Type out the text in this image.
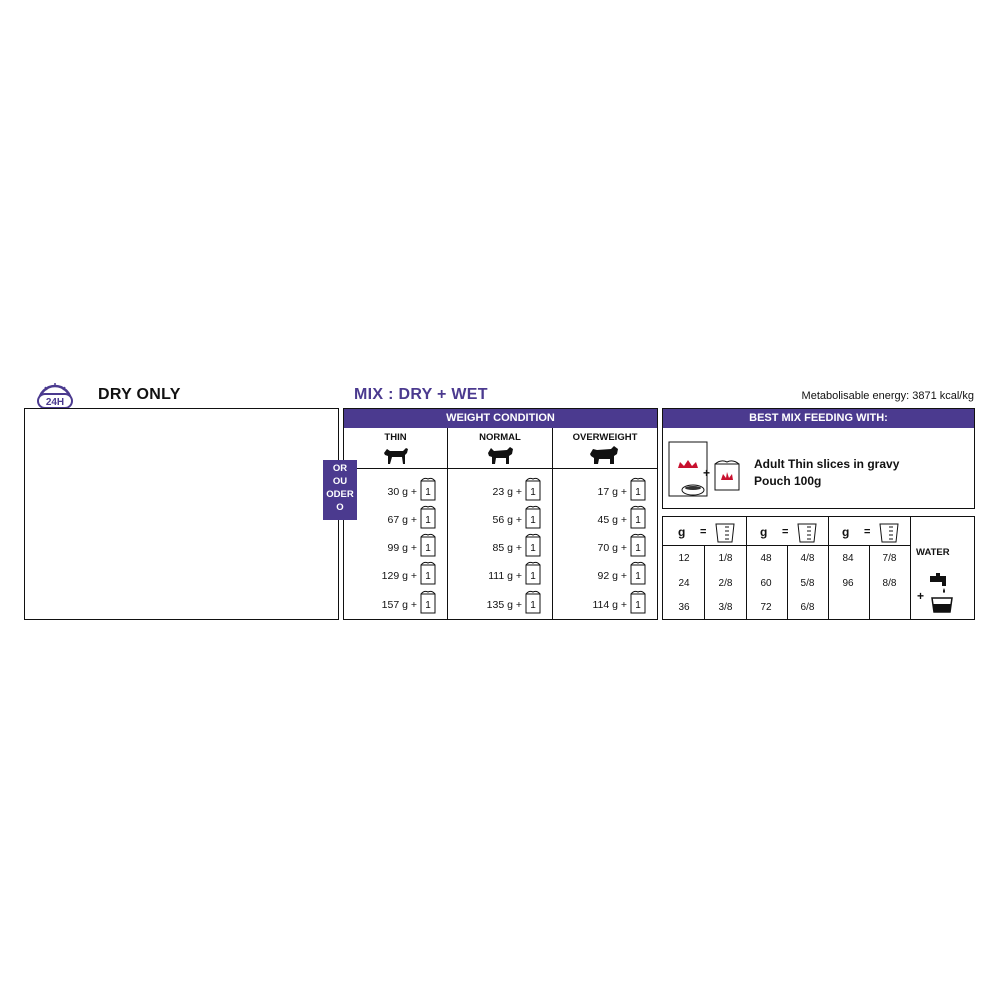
24H DRY ONLY	MIX : DRY + WET	Metabolisable energy: 3871 kcal/kg
WEIGHT CONDITION
THIN	NORMAL	OVERWEIGHT
30 g + 1	23 g + 1	17 g + 1
67 g + 1	56 g + 1	45 g + 1
99 g + 1	85 g + 1	70 g + 1
129 g + 1	111 g + 1	92 g + 1
157 g + 1	135 g + 1	114 g + 1
OR
OU
ODER
O
BEST MIX FEEDING WITH:
+
Adult Thin slices in gravy
Pouch 100g
g =
12	1/8
24	2/8
36	3/8
g =
48	4/8
60	5/8
72	6/8
g =
84	7/8
96	8/8
WATER
+
